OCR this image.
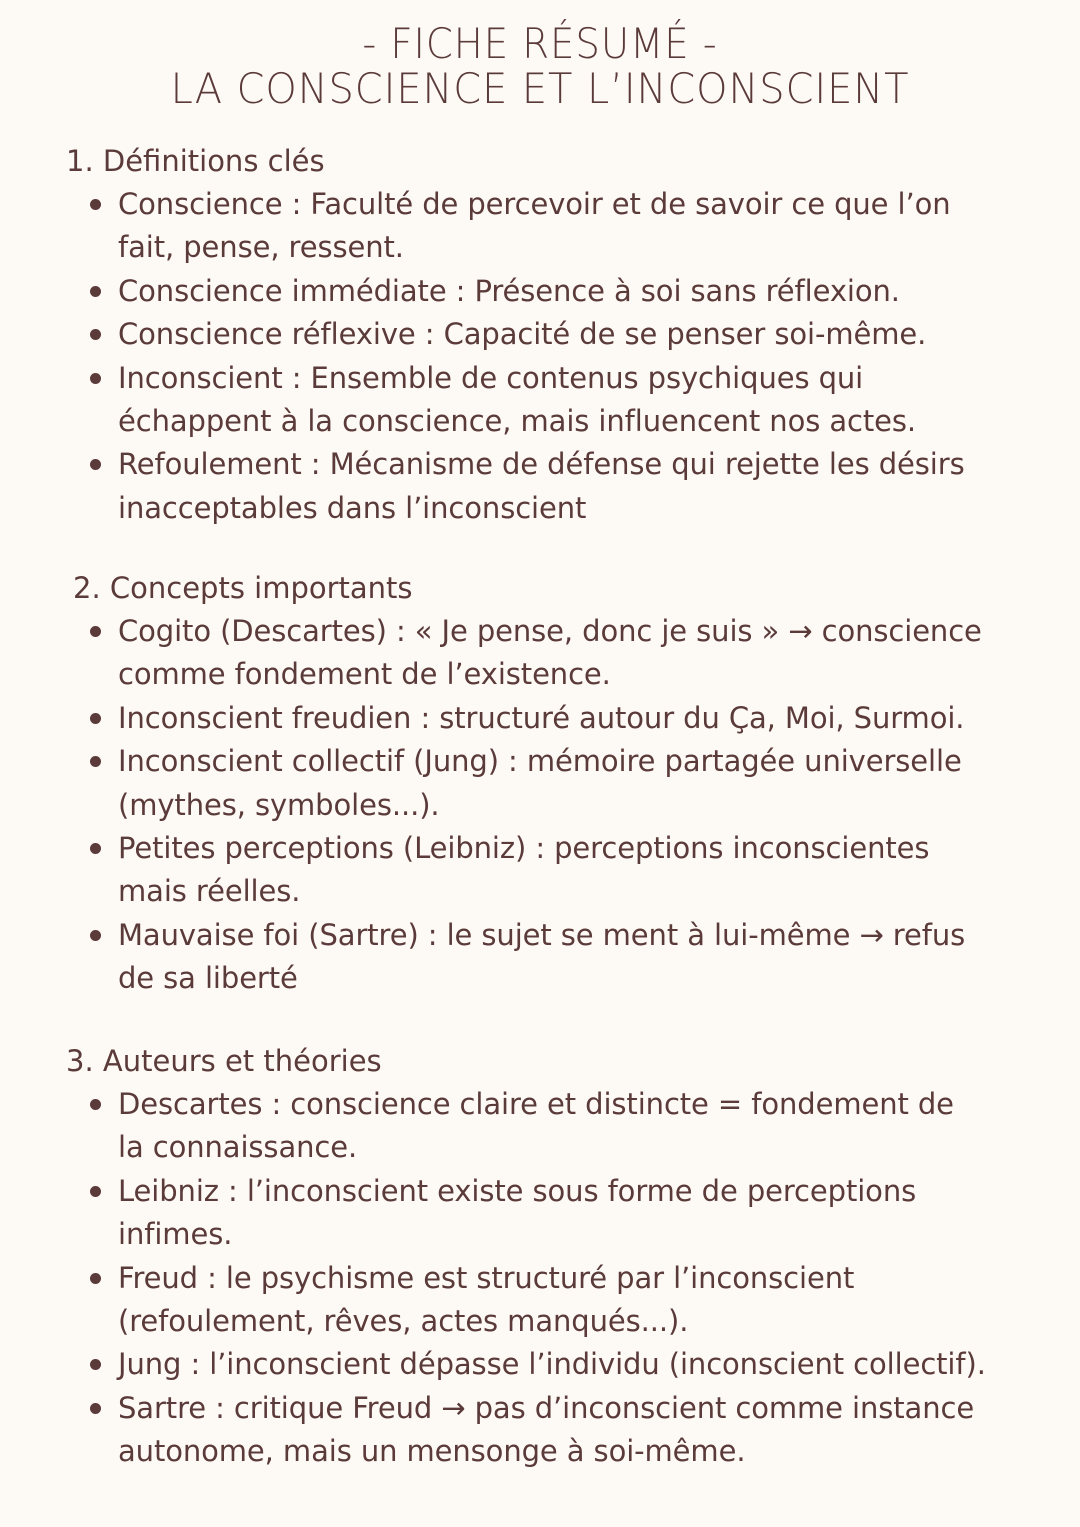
- FICHE RÉSUMÉ -
LA CONSCIENCE ET L’INCONSCIENT
1. Définitions clés
Conscience : Faculté de percevoir et de savoir ce que l’on fait, pense, ressent.
Conscience immédiate : Présence à soi sans réflexion.
Conscience réflexive : Capacité de se penser soi-même.
Inconscient : Ensemble de contenus psychiques qui échappent à la conscience, mais influencent nos actes.
Refoulement : Mécanisme de défense qui rejette les désirs inacceptables dans l’inconscient
2. Concepts importants
Cogito (Descartes) : « Je pense, donc je suis » → conscience comme fondement de l’existence.
Inconscient freudien : structuré autour du Ça, Moi, Surmoi.
Inconscient collectif (Jung) : mémoire partagée universelle (mythes, symboles...).
Petites perceptions (Leibniz) : perceptions inconscientes mais réelles.
Mauvaise foi (Sartre) : le sujet se ment à lui-même → refus de sa liberté
3. Auteurs et théories
Descartes : conscience claire et distincte = fondement de la connaissance.
Leibniz : l’inconscient existe sous forme de perceptions infimes.
Freud : le psychisme est structuré par l’inconscient (refoulement, rêves, actes manqués...).
Jung : l’inconscient dépasse l’individu (inconscient collectif).
Sartre : critique Freud → pas d’inconscient comme instance autonome, mais un mensonge à soi-même.
